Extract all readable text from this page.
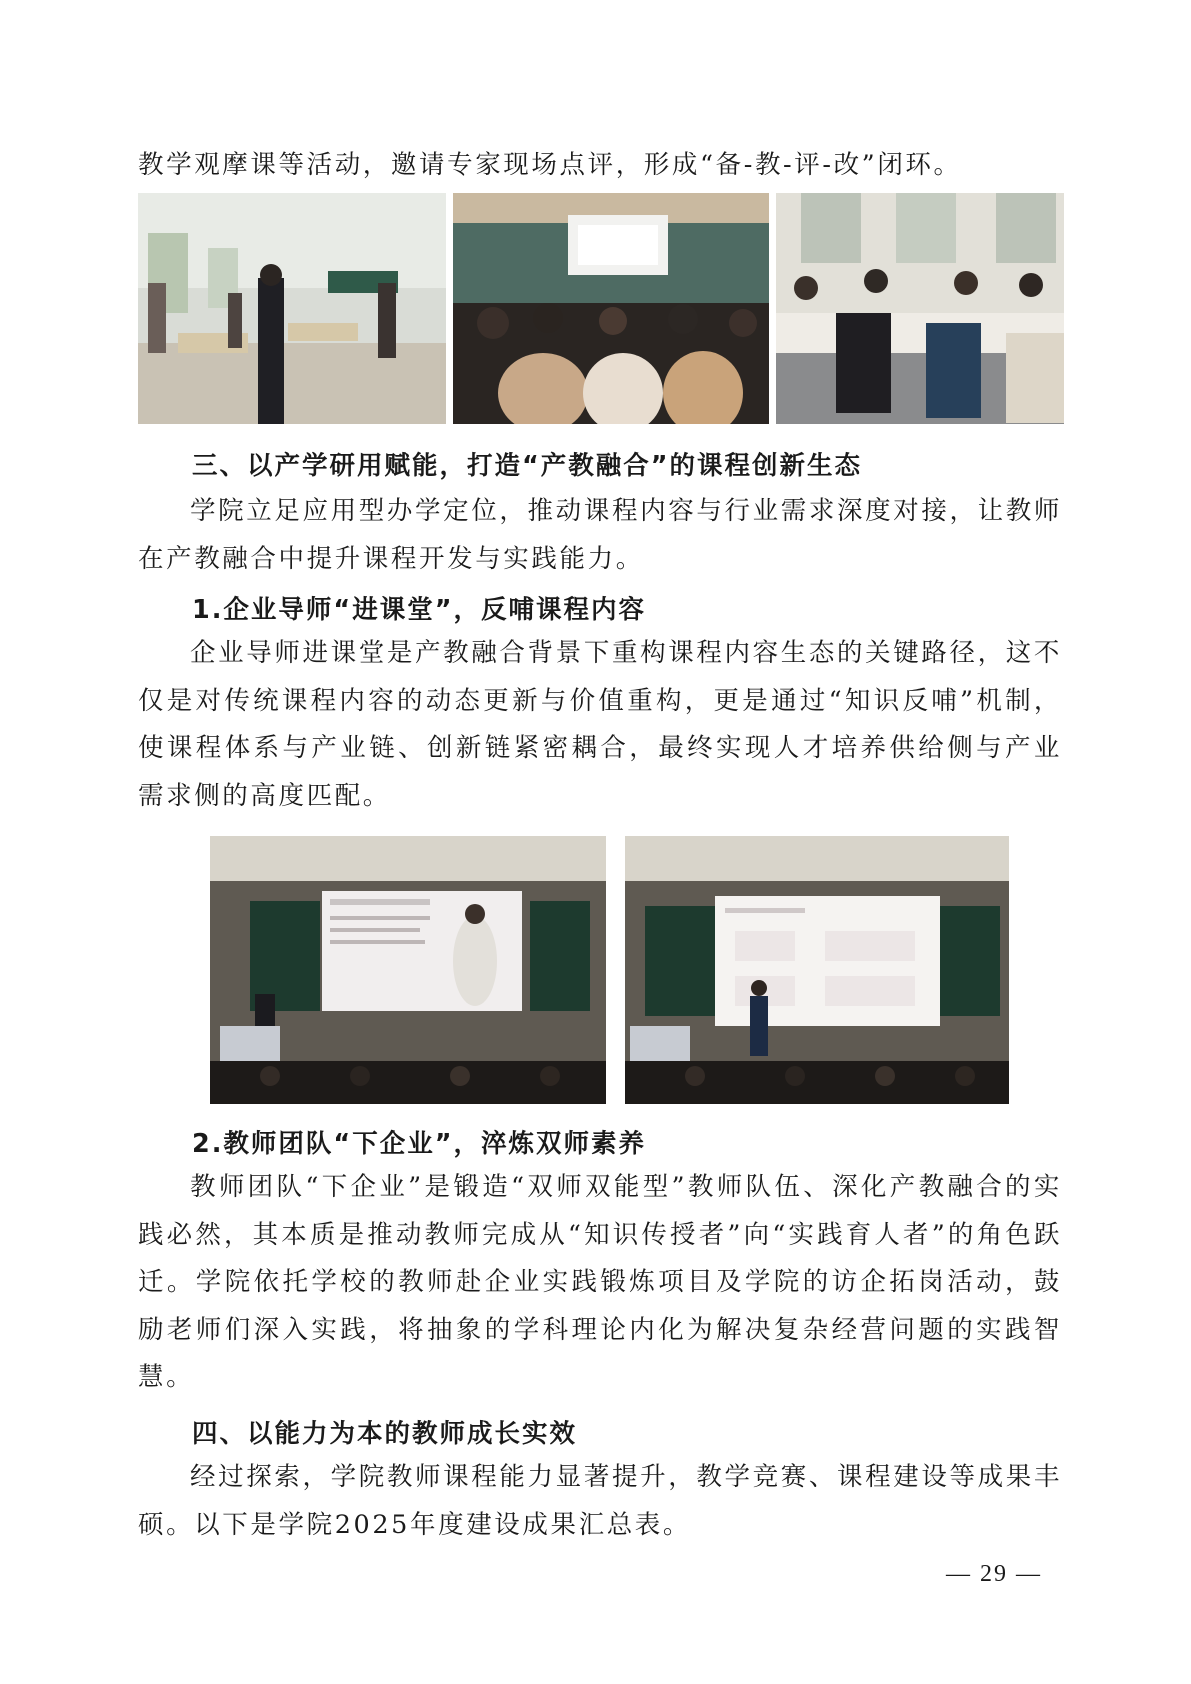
教学观摩课等活动，邀请专家现场点评，形成“备-教-评-改”闭环。

三、以产学研用赋能，打造“产教融合”的课程创新生态

学院立足应用型办学定位，推动课程内容与行业需求深度对接，让教师在产教融合中提升课程开发与实践能力。

1.企业导师“进课堂”，反哺课程内容

企业导师进课堂是产教融合背景下重构课程内容生态的关键路径，这不仅是对传统课程内容的动态更新与价值重构，更是通过“知识反哺”机制，使课程体系与产业链、创新链紧密耦合，最终实现人才培养供给侧与产业需求侧的高度匹配。

2.教师团队“下企业”，淬炼双师素养

教师团队“下企业”是锻造“双师双能型”教师队伍、深化产教融合的实践必然，其本质是推动教师完成从“知识传授者”向“实践育人者”的角色跃迁。学院依托学校的教师赴企业实践锻炼项目及学院的访企拓岗活动，鼓励老师们深入实践，将抽象的学科理论内化为解决复杂经营问题的实践智慧。

四、以能力为本的教师成长实效

经过探索，学院教师课程能力显著提升，教学竞赛、课程建设等成果丰硕。以下是学院2025年度建设成果汇总表。

— 29 —
